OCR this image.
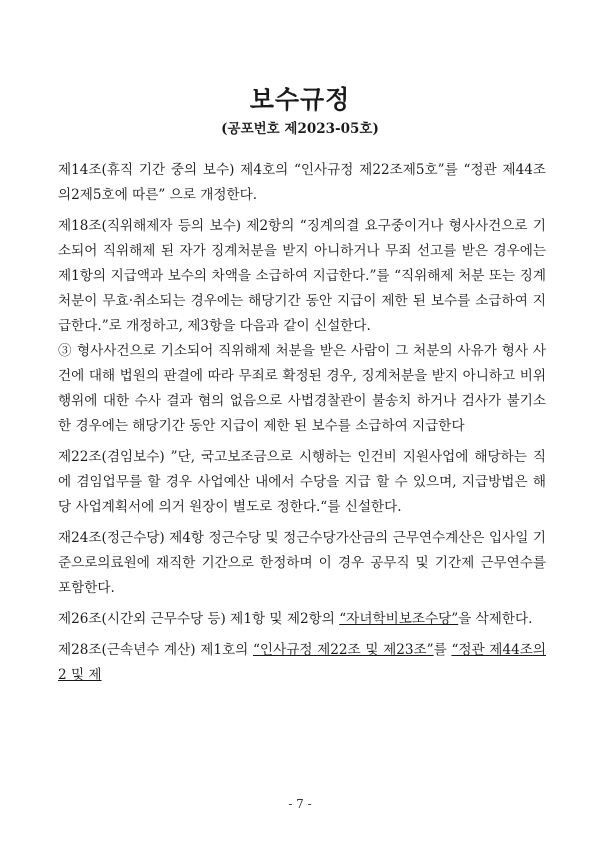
보수규정
(공포번호 제2023-05호)

제14조(휴직 기간 중의 보수) 제4호의 “인사규정 제22조제5호”를 “정관 제44조의2제5호에 따른” 으로 개정한다.

제18조(직위해제자 등의 보수) 제2항의 “징계의결 요구중이거나 형사사건으로 기소되어 직위해제 된 자가 징계처분을 받지 아니하거나 무죄 선고를 받은 경우에는 제1항의 지급액과 보수의 차액을 소급하여 지급한다.”를 “직위해제 처분 또는 징계처분이 무효·취소되는 경우에는 해당기간 동안 지급이 제한 된 보수를 소급하여 지급한다.”로 개정하고, 제3항을 다음과 같이 신설한다.

③ 형사사건으로 기소되어 직위해제 처분을 받은 사람이 그 처분의 사유가 형사 사건에 대해 법원의 판결에 따라 무죄로 확정된 경우, 징계처분을 받지 아니하고 비위행위에 대한 수사 결과 혐의 없음으로 사법경찰관이 불송치 하거나 검사가 불기소한 경우에는 해당기간 동안 지급이 제한 된 보수를 소급하여 지급한다

제22조(겸임보수) ”단, 국고보조금으로 시행하는 인건비 지원사업에 해당하는 직에 겸임업무를 할 경우 사업예산 내에서 수당을 지급 할 수 있으며, 지급방법은 해당 사업계획서에 의거 원장이 별도로 정한다.“를 신설한다.

재24조(정근수당) 제4항 정근수당 및 정근수당가산금의 근무연수계산은 입사일 기준으로의료원에 재직한 기간으로 한정하며 이 경우 공무직 및 기간제 근무연수를 포함한다.

제26조(시간외 근무수당 등) 제1항 및 제2항의 “자녀학비보조수당”을 삭제한다.

제28조(근속년수 계산) 제1호의 “인사규정 제22조 및 제23조”를 “정관 제44조의2 및 제

- 7 -
